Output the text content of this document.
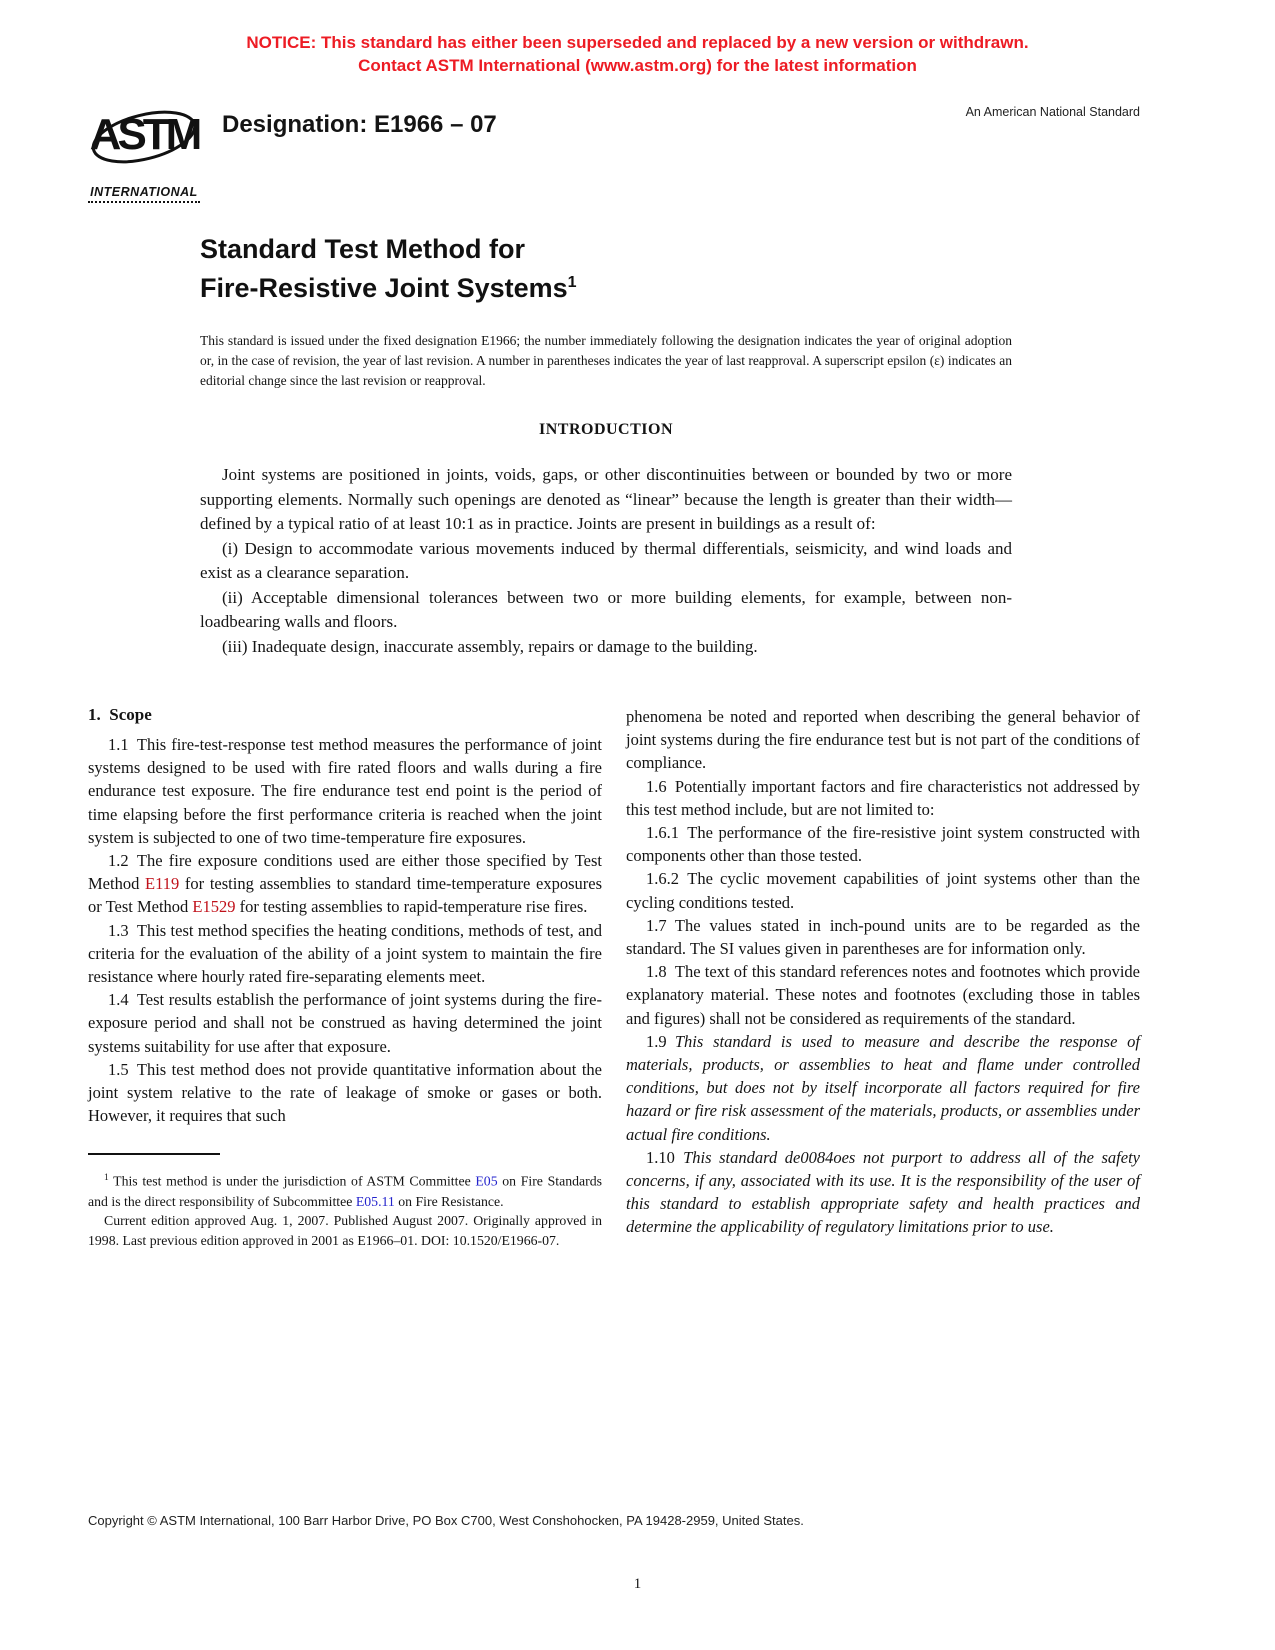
NOTICE: This standard has either been superseded and replaced by a new version or withdrawn.
Contact ASTM International (www.astm.org) for the latest information
ASTM
INTERNATIONAL
Designation: E1966 – 07	An American National Standard
Standard Test Method for
Fire-Resistive Joint Systems$^1$

This standard is issued under the fixed designation E1966; the number immediately following the designation indicates the year of original adoption or, in the case of revision, the year of last revision. A number in parentheses indicates the year of last reapproval. A superscript epsilon (ε) indicates an editorial change since the last revision or reapproval.

INTRODUCTION

Joint systems are positioned in joints, voids, gaps, or other discontinuities between or bounded by two or more supporting elements. Normally such openings are denoted as “linear” because the length is greater than their width—defined by a typical ratio of at least 10:1 as in practice. Joints are present in buildings as a result of:

(i) Design to accommodate various movements induced by thermal differentials, seismicity, and wind loads and exist as a clearance separation.

(ii) Acceptable dimensional tolerances between two or more building elements, for example, between non-loadbearing walls and floors.

(iii) Inadequate design, inaccurate assembly, repairs or damage to the building.

1. Scope

1.1 This fire-test-response test method measures the performance of joint systems designed to be used with fire rated floors and walls during a fire endurance test exposure. The fire endurance test end point is the period of time elapsing before the first performance criteria is reached when the joint system is subjected to one of two time-temperature fire exposures.

1.2 The fire exposure conditions used are either those specified by Test Method E119 for testing assemblies to standard time-temperature exposures or Test Method E1529 for testing assemblies to rapid-temperature rise fires.

1.3 This test method specifies the heating conditions, methods of test, and criteria for the evaluation of the ability of a joint system to maintain the fire resistance where hourly rated fire-separating elements meet.

1.4 Test results establish the performance of joint systems during the fire-exposure period and shall not be construed as having determined the joint systems suitability for use after that exposure.

1.5 This test method does not provide quantitative information about the joint system relative to the rate of leakage of smoke or gases or both. However, it requires that such

$^1$ This test method is under the jurisdiction of ASTM Committee E05 on Fire Standards and is the direct responsibility of Subcommittee E05.11 on Fire Resistance.

Current edition approved Aug. 1, 2007. Published August 2007. Originally approved in 1998. Last previous edition approved in 2001 as E1966–01. DOI: 10.1520/E1966-07.

phenomena be noted and reported when describing the general behavior of joint systems during the fire endurance test but is not part of the conditions of compliance.

1.6 Potentially important factors and fire characteristics not addressed by this test method include, but are not limited to:

1.6.1 The performance of the fire-resistive joint system constructed with components other than those tested.

1.6.2 The cyclic movement capabilities of joint systems other than the cycling conditions tested.

1.7 The values stated in inch-pound units are to be regarded as the standard. The SI values given in parentheses are for information only.

1.8 The text of this standard references notes and footnotes which provide explanatory material. These notes and footnotes (excluding those in tables and figures) shall not be considered as requirements of the standard.

1.9 This standard is used to measure and describe the response of materials, products, or assemblies to heat and flame under controlled conditions, but does not by itself incorporate all factors required for fire hazard or fire risk assessment of the materials, products, or assemblies under actual fire conditions.

1.10 This standard de0084oes not purport to address all of the safety concerns, if any, associated with its use. It is the responsibility of the user of this standard to establish appropriate safety and health practices and determine the applicability of regulatory limitations prior to use.

Copyright © ASTM International, 100 Barr Harbor Drive, PO Box C700, West Conshohocken, PA 19428-2959, United States.
1
